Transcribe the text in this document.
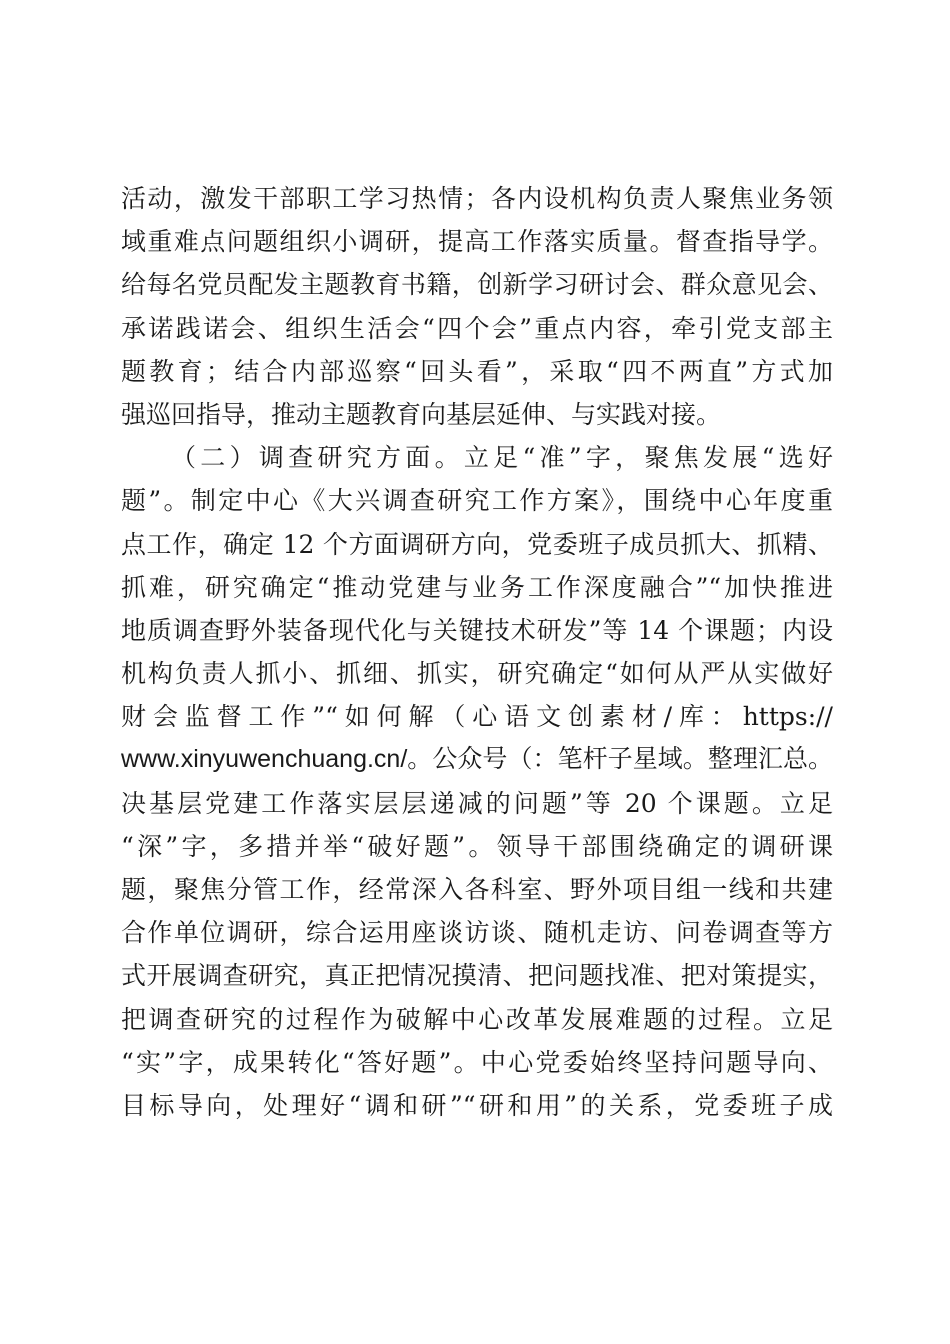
活动，激发干部职工学习热情；各内设机构负责人聚焦业务领
域重难点问题组织小调研，提高工作落实质量。督查指导学。
给每名党员配发主题教育书籍，创新学习研讨会、群众意见会、
承诺践诺会、组织生活会“四个会”重点内容，牵引党支部主
题教育；结合内部巡察“回头看”，采取“四不两直”方式加
强巡回指导，推动主题教育向基层延伸、与实践对接。
（二）调查研究方面。立足“准”字，聚焦发展“选好
题”。制定中心《大兴调查研究工作方案》，围绕中心年度重
点工作，确定 12 个方面调研方向，党委班子成员抓大、抓精、
抓难，研究确定“推动党建与业务工作深度融合”“加快推进
地质调查野外装备现代化与关键技术研发”等 14 个课题；内设
机构负责人抓小、抓细、抓实，研究确定“如何从严从实做好
财会监督工作”“如何解（心语文创素材/库：https://
www.xinyuwenchuang.cn/。公众号（：笔杆子星域。整理汇总。
决基层党建工作落实层层递减的问题”等 20 个课题。立足
“深”字，多措并举“破好题”。领导干部围绕确定的调研课
题，聚焦分管工作，经常深入各科室、野外项目组一线和共建
合作单位调研，综合运用座谈访谈、随机走访、问卷调查等方
式开展调查研究，真正把情况摸清、把问题找准、把对策提实，
把调查研究的过程作为破解中心改革发展难题的过程。立足
“实”字，成果转化“答好题”。中心党委始终坚持问题导向、
目标导向，处理好“调和研”“研和用”的关系，党委班子成
